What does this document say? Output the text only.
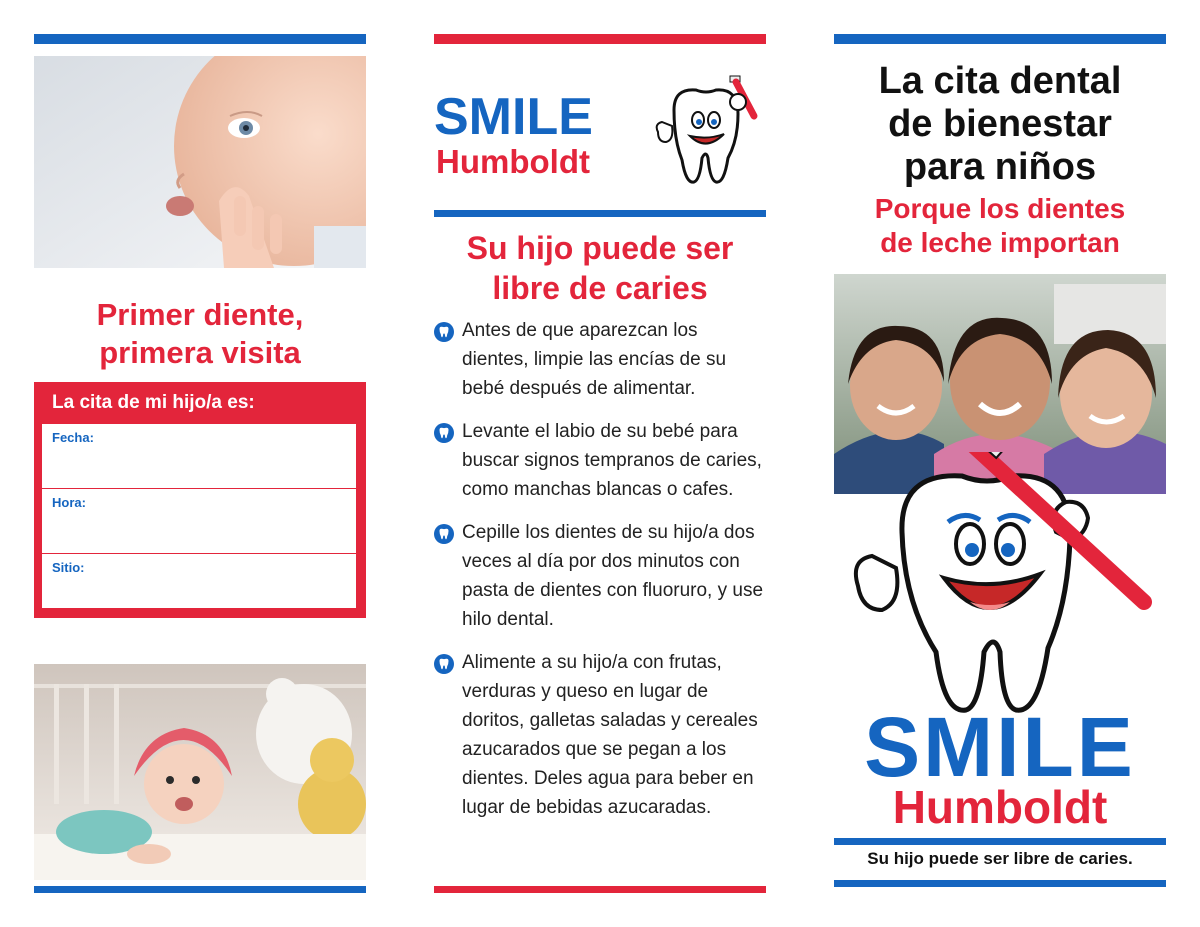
Primer diente,
primera visita
La cita de mi hijo/a es:
Fecha:
Hora:
Sitio:
SMILE
Humboldt
Su hijo puede ser
libre de caries
Antes de que aparezcan los dientes, limpie las encías de su bebé después de alimentar.
Levante el labio de su bebé para buscar signos tempranos de caries, como manchas blancas o cafes.
Cepille los dientes de su hijo/a dos veces al día por dos minutos con pasta de dientes con fluoruro, y use hilo dental.
Alimente a su hijo/a con frutas, verduras y queso en lugar de doritos, galletas saladas y cereales azucarados que se pegan a los dientes. Deles agua para beber en lugar de bebidas azucaradas.
La cita dental
de bienestar
para niños
Porque los dientes
de leche importan
SMILE
Humboldt
Su hijo puede ser libre de caries.
